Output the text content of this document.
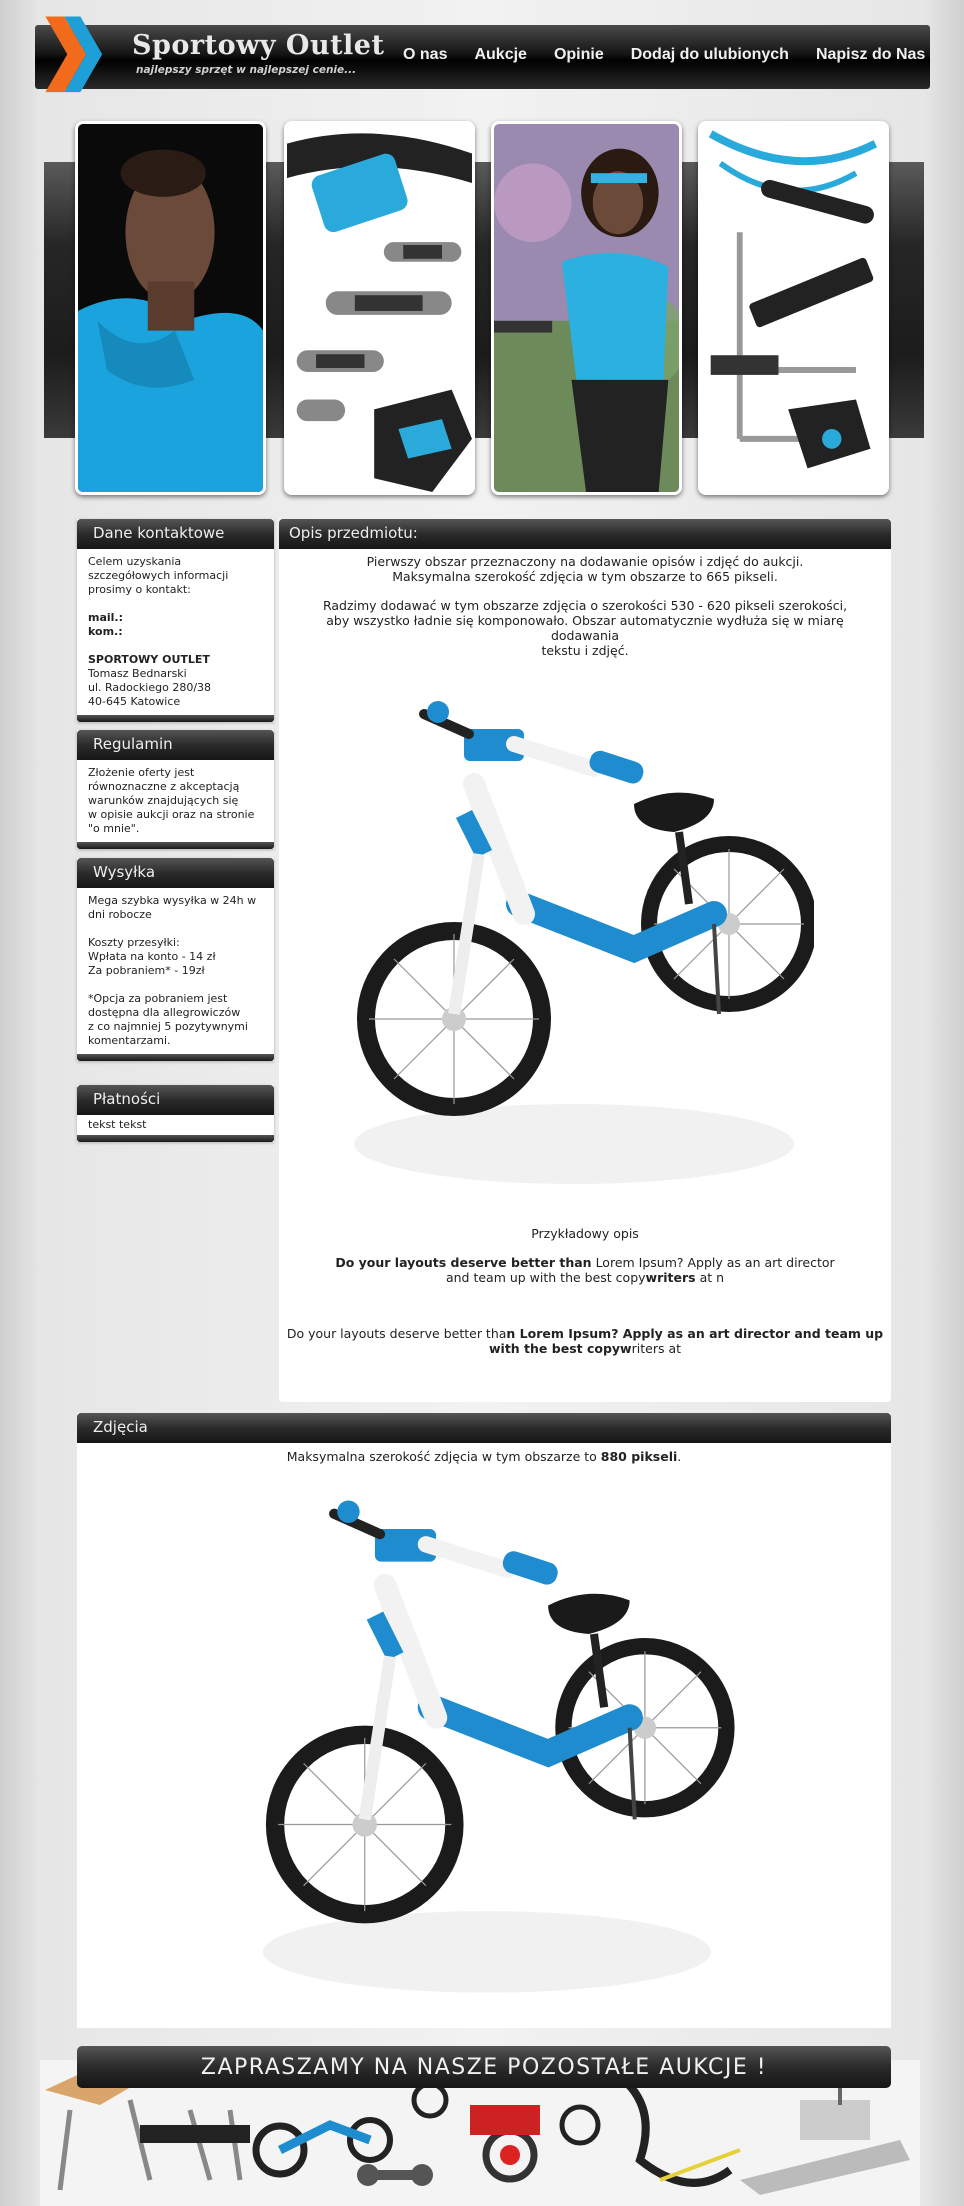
Sportowy Outlet
najlepszy sprzęt w najlepszej cenie...
O nas Aukcje Opinie Dodaj do ulubionych Napisz do Nas
Dane kontaktowe
Celem uzyskania
szczegółowych informacji
prosimy o kontakt:
mail.:
kom.:
SPORTOWY OUTLET
Tomasz Bednarski
ul. Radockiego 280/38
40-645 Katowice
Regulamin
Złożenie oferty jest
równoznaczne z akceptacją
warunków znajdujących się
w opisie aukcji oraz na stronie
"o mnie".
Wysyłka
Mega szybka wysyłka w 24h w
dni robocze
Koszty przesyłki:
Wpłata na konto - 14 zł
Za pobraniem* - 19zł
*Opcja za pobraniem jest
dostępna dla allegrowiczów
z co najmniej 5 pozytywnymi
komentarzami.
Płatności
tekst tekst
Opis przedmiotu:
Pierwszy obszar przeznaczony na dodawanie opisów i zdjęć do aukcji.
Maksymalna szerokość zdjęcia w tym obszarze to 665 pikseli.
Radzimy dodawać w tym obszarze zdjęcia o szerokości 530 - 620 pikseli szerokości,
aby wszystko ładnie się komponowało. Obszar automatycznie wydłuża się w miarę dodawania
tekstu i zdjęć.
Przykładowy opis
Do your layouts deserve better than Lorem Ipsum? Apply as an art director
and team up with the best copywriters at n
Do your layouts deserve better than Lorem Ipsum? Apply as an art director and team up
with the best copywriters at
Zdjęcia
Maksymalna szerokość zdjęcia w tym obszarze to 880 pikseli.
ZAPRASZAMY NA NASZE POZOSTAŁE AUKCJE !
